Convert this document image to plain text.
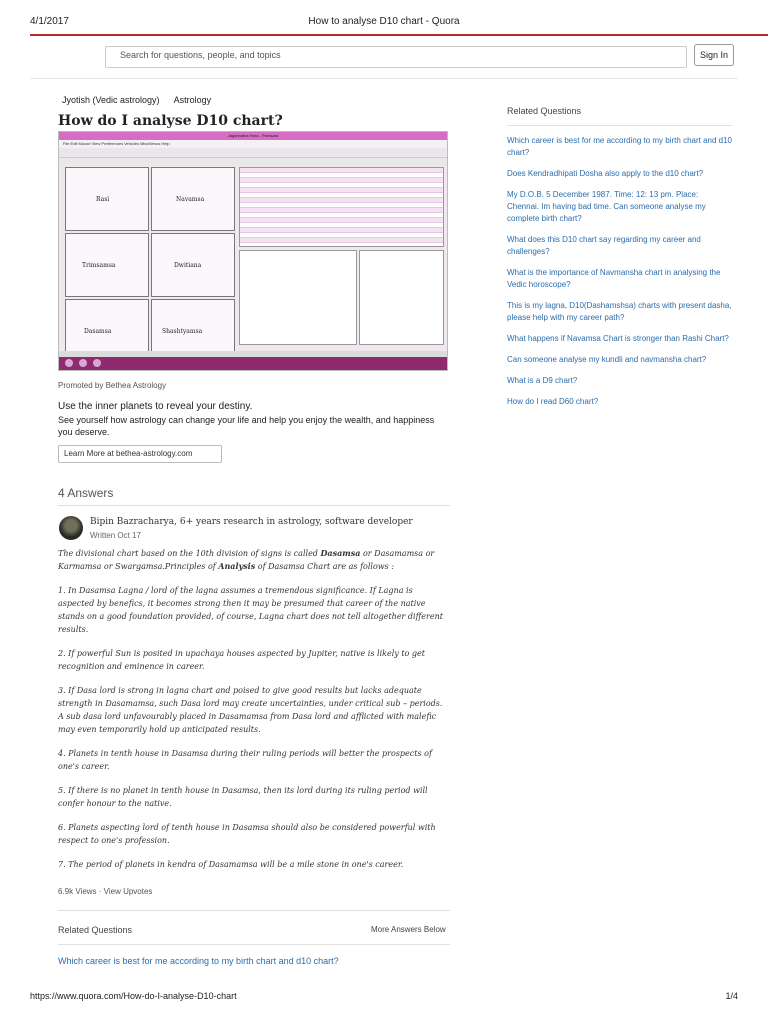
4/1/2017	How to analyse D10 chart - Quora
Search for questions, people, and topics	Sign In
Jyotish (Vedic astrology) Astrology
How do I analyse D10 chart?
Jagannatha Hora - Parasara
File Edit Mouse View Preferences Vehicles MiscMenus Help
Rasi	Navamsa
Trimsamsa	Dwitiana
Dasamsa	Shashtyamsa
Promoted by Bethea Astrology
Use the inner planets to reveal your destiny.
See yourself how astrology can change your life and help you enjoy the wealth, and happiness you deserve.
Learn More at bethea-astrology.com
4 Answers
Bipin Bazracharya, 6+ years research in astrology, software developer
Written Oct 17

The divisional chart based on the 10th division of signs is called Dasamsa or Dasamamsa or Karmamsa or Swargamsa.Principles of Analysis of Dasamsa Chart are as follows :

1. In Dasamsa Lagna / lord of the lagna assumes a tremendous significance. If Lagna is aspected by benefics, it becomes strong then it may be presumed that career of the native stands on a good foundation provided, of course, Lagna chart does not tell altogether different results.

2. If powerful Sun is posited in upachaya houses aspected by Jupiter, native is likely to get recognition and eminence in career.

3. If Dasa lord is strong in lagna chart and poised to give good results but lacks adequate strength in Dasamamsa, such Dasa lord may create uncertainties, under critical sub – periods. A sub dasa lord unfavourably placed in Dasamamsa from Dasa lord and afflicted with malefic may even temporarily hold up anticipated results.

4. Planets in tenth house in Dasamsa during their ruling periods will better the prospects of one's career.

5. If there is no planet in tenth house in Dasamsa, then its lord during its ruling period will confer honour to the native.

6. Planets aspecting lord of tenth house in Dasamsa should also be considered powerful with respect to one's profession.

7. The period of planets in kendra of Dasamamsa will be a mile stone in one's career.

6.9k Views · View Upvotes
Related Questions	More Answers Below
Which career is best for me according to my birth chart and d10 chart?
Related Questions
Which career is best for me according to my birth chart and d10 chart?
Does Kendradhipati Dosha also apply to the d10 chart?
My D.O.B. 5 December 1987. Time: 12: 13 pm. Place: Chennai. Im having bad time. Can someone analyse my complete birth chart?
What does this D10 chart say regarding my career and challenges?
What is the importance of Navmansha chart in analysing the Vedic horoscope?
This is my lagna, D10(Dashamshsa) charts with present dasha, please help with my career path?
What happens if Navamsa Chart is stronger than Rashi Chart?
Can someone analyse my kundli and navmansha chart?
What is a D9 chart?
How do I read D60 chart?
https://www.quora.com/How-do-I-analyse-D10-chart	1/4
